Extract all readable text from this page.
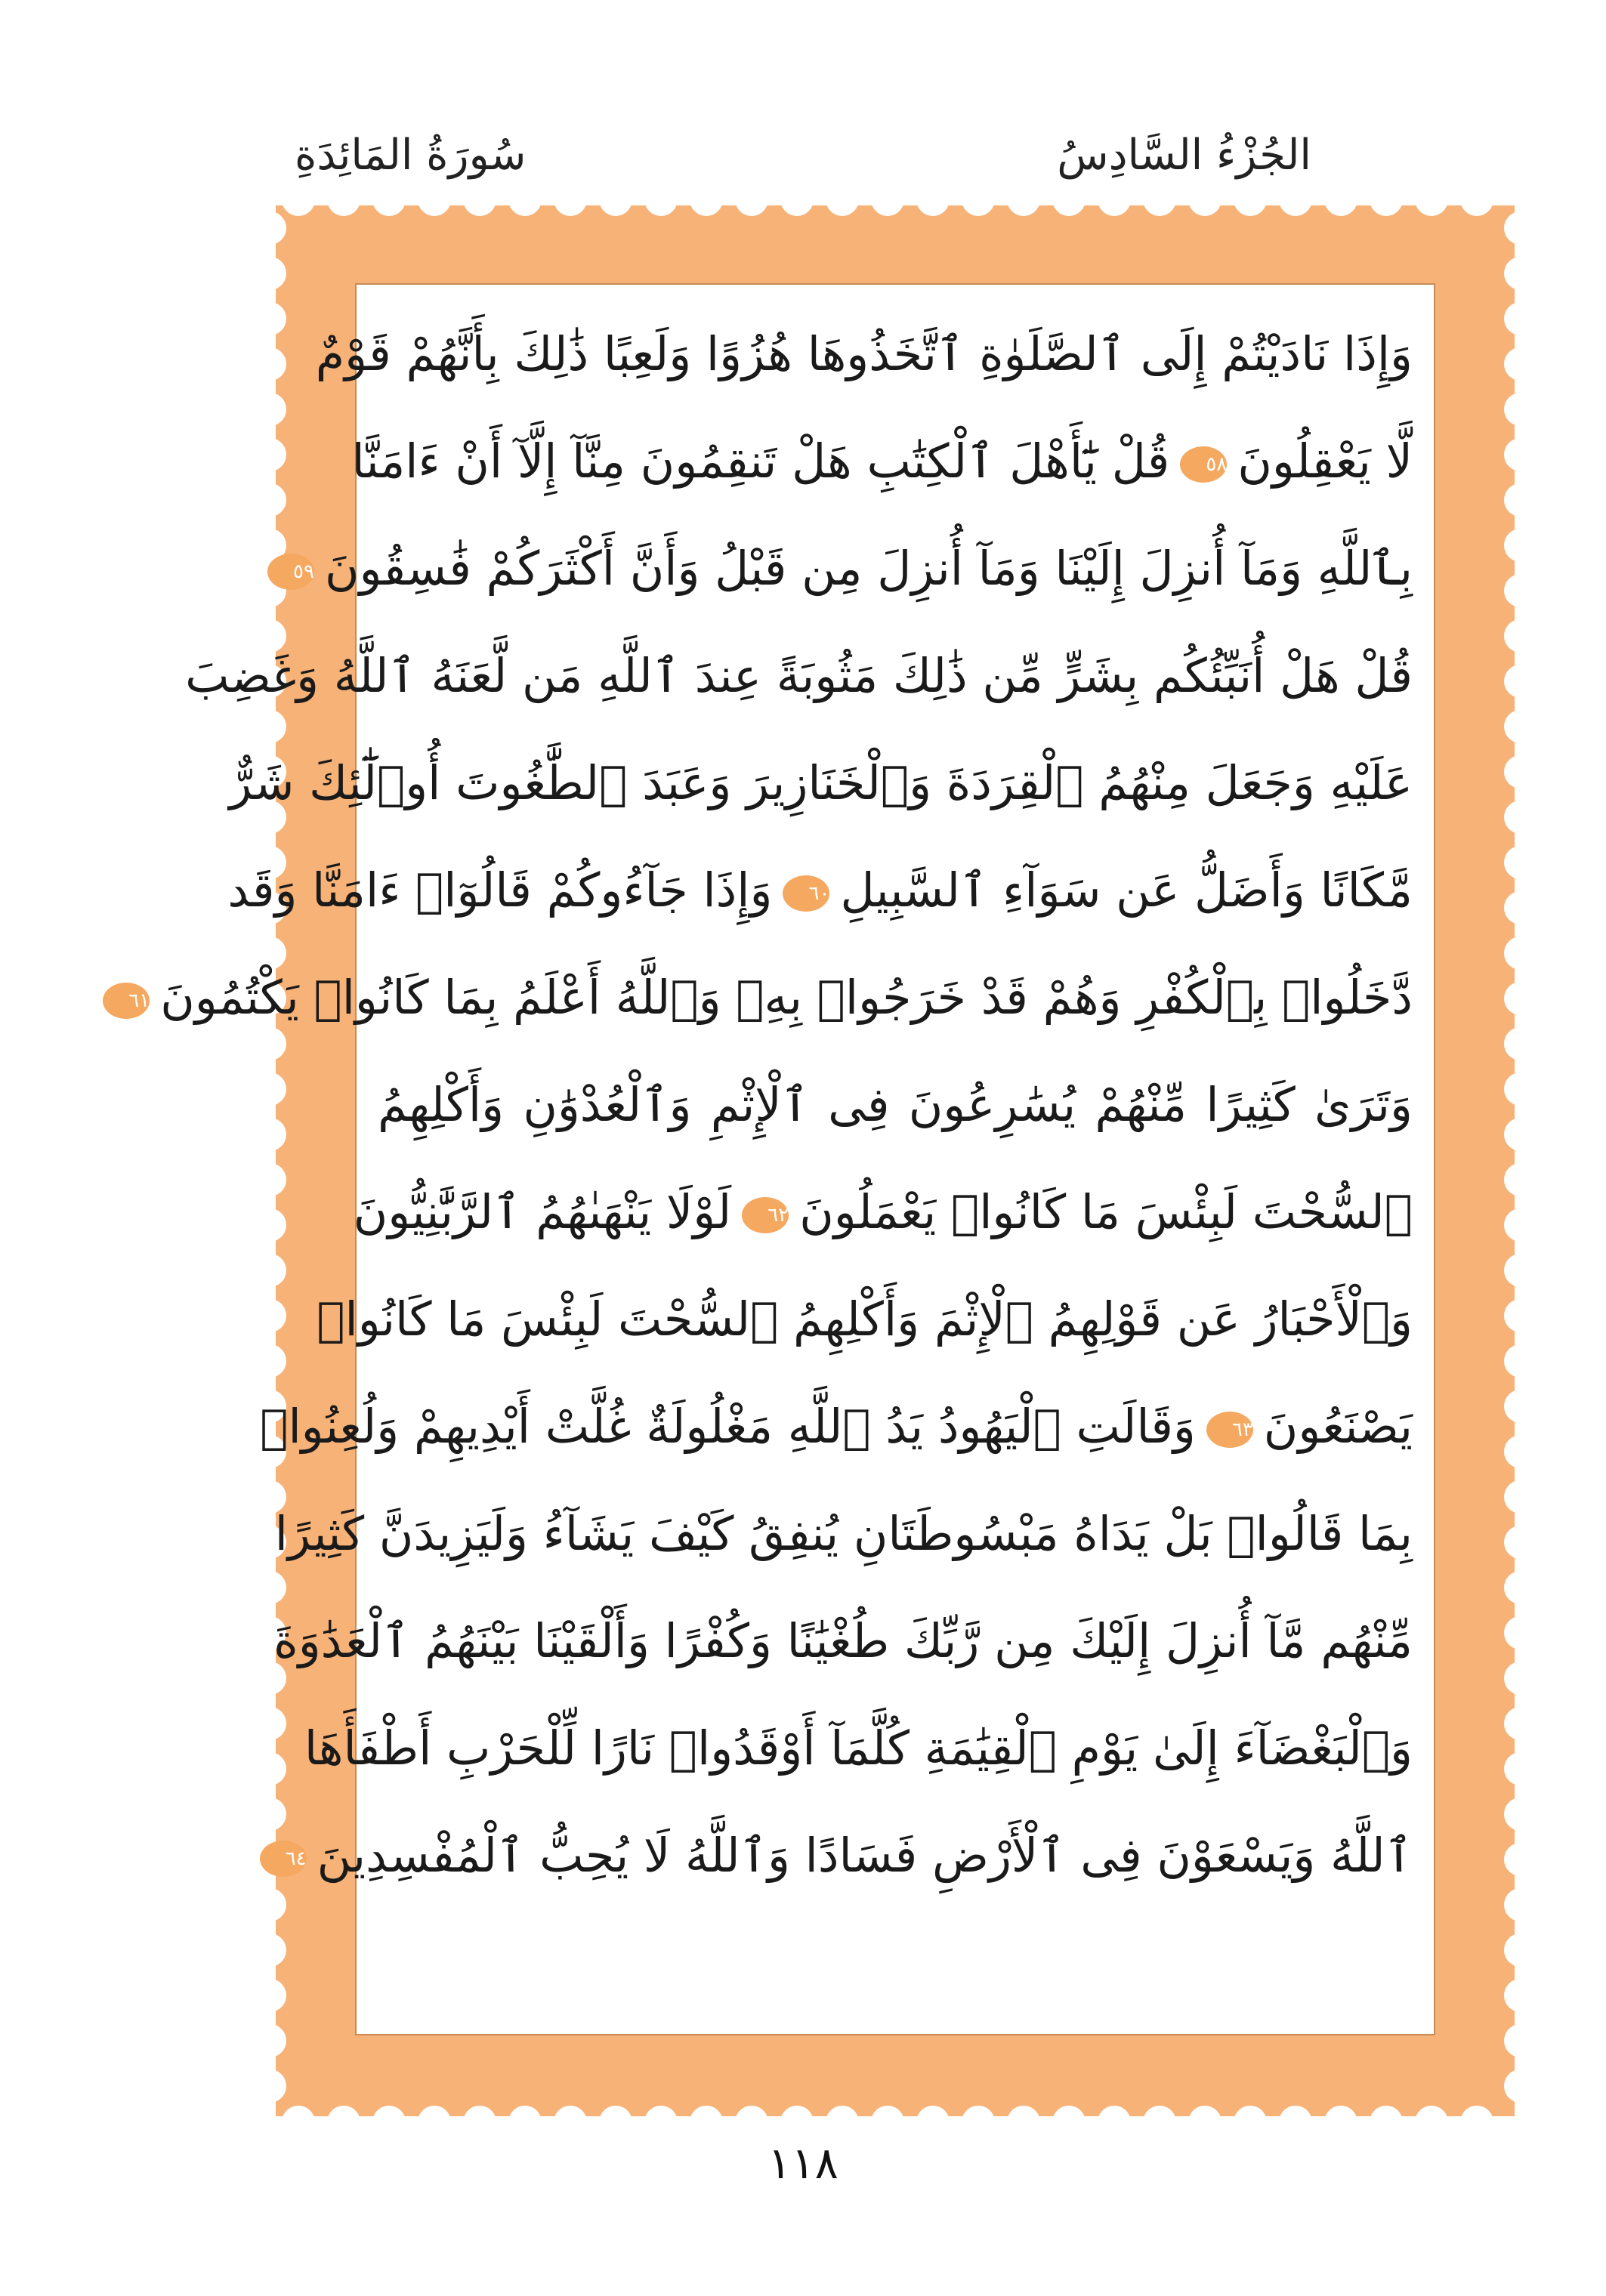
سُورَةُ المَائِدَةِ	الجُزْءُ السَّادِسُ
وَإِذَا نَادَيْتُمْ إِلَى ٱلصَّلَوٰةِ ٱتَّخَذُوهَا هُزُوًا وَلَعِبًا ذَٰلِكَ بِأَنَّهُمْ قَوْمٌ
لَّا يَعْقِلُونَ٥٨قُلْ يَٰٓأَهْلَ ٱلْكِتَٰبِ هَلْ تَنقِمُونَ مِنَّآ إِلَّآ أَنْ ءَامَنَّا
بِٱللَّهِ وَمَآ أُنزِلَ إِلَيْنَا وَمَآ أُنزِلَ مِن قَبْلُ وَأَنَّ أَكْثَرَكُمْ فَٰسِقُونَ٥٩
قُلْ هَلْ أُنَبِّئُكُم بِشَرٍّ مِّن ذَٰلِكَ مَثُوبَةً عِندَ ٱللَّهِ مَن لَّعَنَهُ ٱللَّهُ وَغَضِبَ
عَلَيْهِ وَجَعَلَ مِنْهُمُ ٱلْقِرَدَةَ وَٱلْخَنَازِيرَ وَعَبَدَ ٱلطَّٰغُوتَ أُو۟لَٰٓئِكَ شَرٌّ
مَّكَانًا وَأَضَلُّ عَن سَوَآءِ ٱلسَّبِيلِ٦٠وَإِذَا جَآءُوكُمْ قَالُوٓا۟ ءَامَنَّا وَقَد
دَّخَلُوا۟ بِٱلْكُفْرِ وَهُمْ قَدْ خَرَجُوا۟ بِهِۦ وَٱللَّهُ أَعْلَمُ بِمَا كَانُوا۟ يَكْتُمُونَ٦١
وَتَرَىٰ كَثِيرًا مِّنْهُمْ يُسَٰرِعُونَ فِى ٱلْإِثْمِ وَٱلْعُدْوَٰنِ وَأَكْلِهِمُ
ٱلسُّحْتَ لَبِئْسَ مَا كَانُوا۟ يَعْمَلُونَ٦٢لَوْلَا يَنْهَىٰهُمُ ٱلرَّبَّٰنِيُّونَ
وَٱلْأَحْبَارُ عَن قَوْلِهِمُ ٱلْإِثْمَ وَأَكْلِهِمُ ٱلسُّحْتَ لَبِئْسَ مَا كَانُوا۟
يَصْنَعُونَ٦٣وَقَالَتِ ٱلْيَهُودُ يَدُ ٱللَّهِ مَغْلُولَةٌ غُلَّتْ أَيْدِيهِمْ وَلُعِنُوا۟
بِمَا قَالُوا۟ بَلْ يَدَاهُ مَبْسُوطَتَانِ يُنفِقُ كَيْفَ يَشَآءُ وَلَيَزِيدَنَّ كَثِيرًا
مِّنْهُم مَّآ أُنزِلَ إِلَيْكَ مِن رَّبِّكَ طُغْيَٰنًا وَكُفْرًا وَأَلْقَيْنَا بَيْنَهُمُ ٱلْعَدَٰوَةَ
وَٱلْبَغْضَآءَ إِلَىٰ يَوْمِ ٱلْقِيَٰمَةِ كُلَّمَآ أَوْقَدُوا۟ نَارًا لِّلْحَرْبِ أَطْفَأَهَا
ٱللَّهُ وَيَسْعَوْنَ فِى ٱلْأَرْضِ فَسَادًا وَٱللَّهُ لَا يُحِبُّ ٱلْمُفْسِدِينَ٦٤
١١٨
